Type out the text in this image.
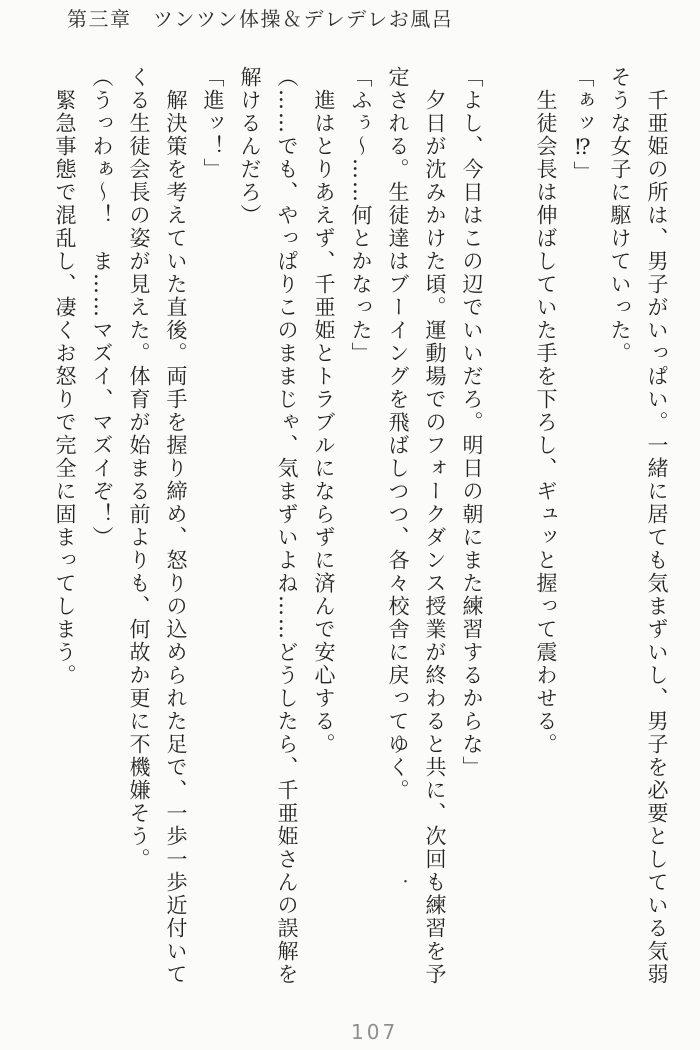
第三章　ツンツン体操＆デレデレお風呂
千亜姫の所は、男子がいっぱい。一緒に居ても気まずいし、男子を必要としている気弱
そうな女子に駆けていった。
「ぁッ⁉」
生徒会長は伸ばしていた手を下ろし、ギュッと握って震わせる。
「よし、今日はこの辺でいいだろ。明日の朝にまた練習するからな」
夕日が沈みかけた頃。運動場でのフォークダンス授業が終わると共に、次回も練習を予
定される。生徒達はブーイングを飛ばしつつ、各々校舎に戻ってゆく。
「ふぅ～……何とかなった」
進はとりあえず、千亜姫とトラブルにならずに済んで安心する。
（……でも、やっぱりこのままじゃ、気まずいよね……どうしたら、千亜姫さんの誤解を
解けるんだろ）
「進ッ！」
解決策を考えていた直後。両手を握り締め、怒りの込められた足で、一歩一歩近付いて
くる生徒会長の姿が見えた。体育が始まる前よりも、何故か更に不機嫌そう。
（うっわぁ～！　ま……マズイ、マズイぞ！）
緊急事態で混乱し、凄くお怒りで完全に固まってしまう。
・
107
